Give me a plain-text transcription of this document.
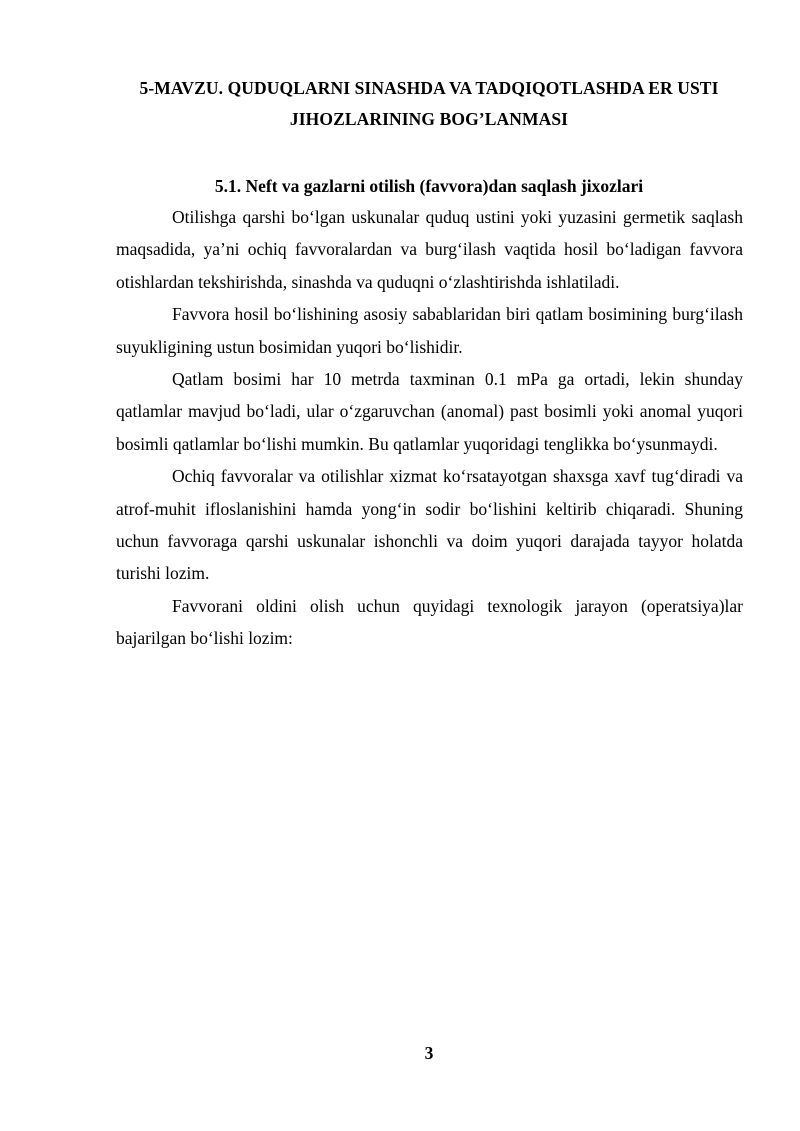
5-MAVZU. QUDUQLARNI SINASHDA VA TADQIQOTLASHDA ER USTI JIHOZLARINING BOG’LANMASI
5.1. Neft va gazlarni otilish (favvora)dan saqlash jixozlari

Otilishga qarshi bo‘lgan uskunalar quduq ustini yoki yuzasini germetik saqlash maqsadida, ya’ni ochiq favvoralardan va burg‘ilash vaqtida hosil bo‘ladigan favvora otishlardan tekshirishda, sinashda va quduqni o‘zlashtirishda ishlatiladi.

Favvora hosil bo‘lishining asosiy sabablaridan biri qatlam bosimining burg‘ilash suyukligining ustun bosimidan yuqori bo‘lishidir.

Qatlam bosimi har 10 metrda taxminan 0.1 mPa ga ortadi, lekin shunday qatlamlar mavjud bo‘ladi, ular o‘zgaruvchan (anomal) past bosimli yoki anomal yuqori bosimli qatlamlar bo‘lishi mumkin. Bu qatlamlar yuqoridagi tenglikka bo‘ysunmaydi.

Ochiq favvoralar va otilishlar xizmat ko‘rsatayotgan shaxsga xavf tug‘diradi va atrof-muhit ifloslanishini hamda yong‘in sodir bo‘lishini keltirib chiqaradi. Shuning uchun favvoraga qarshi uskunalar ishonchli va doim yuqori darajada tayyor holatda turishi lozim.

Favvorani oldini olish uchun quyidagi texnologik jarayon (operatsiya)lar bajarilgan bo‘lishi lozim:

3
